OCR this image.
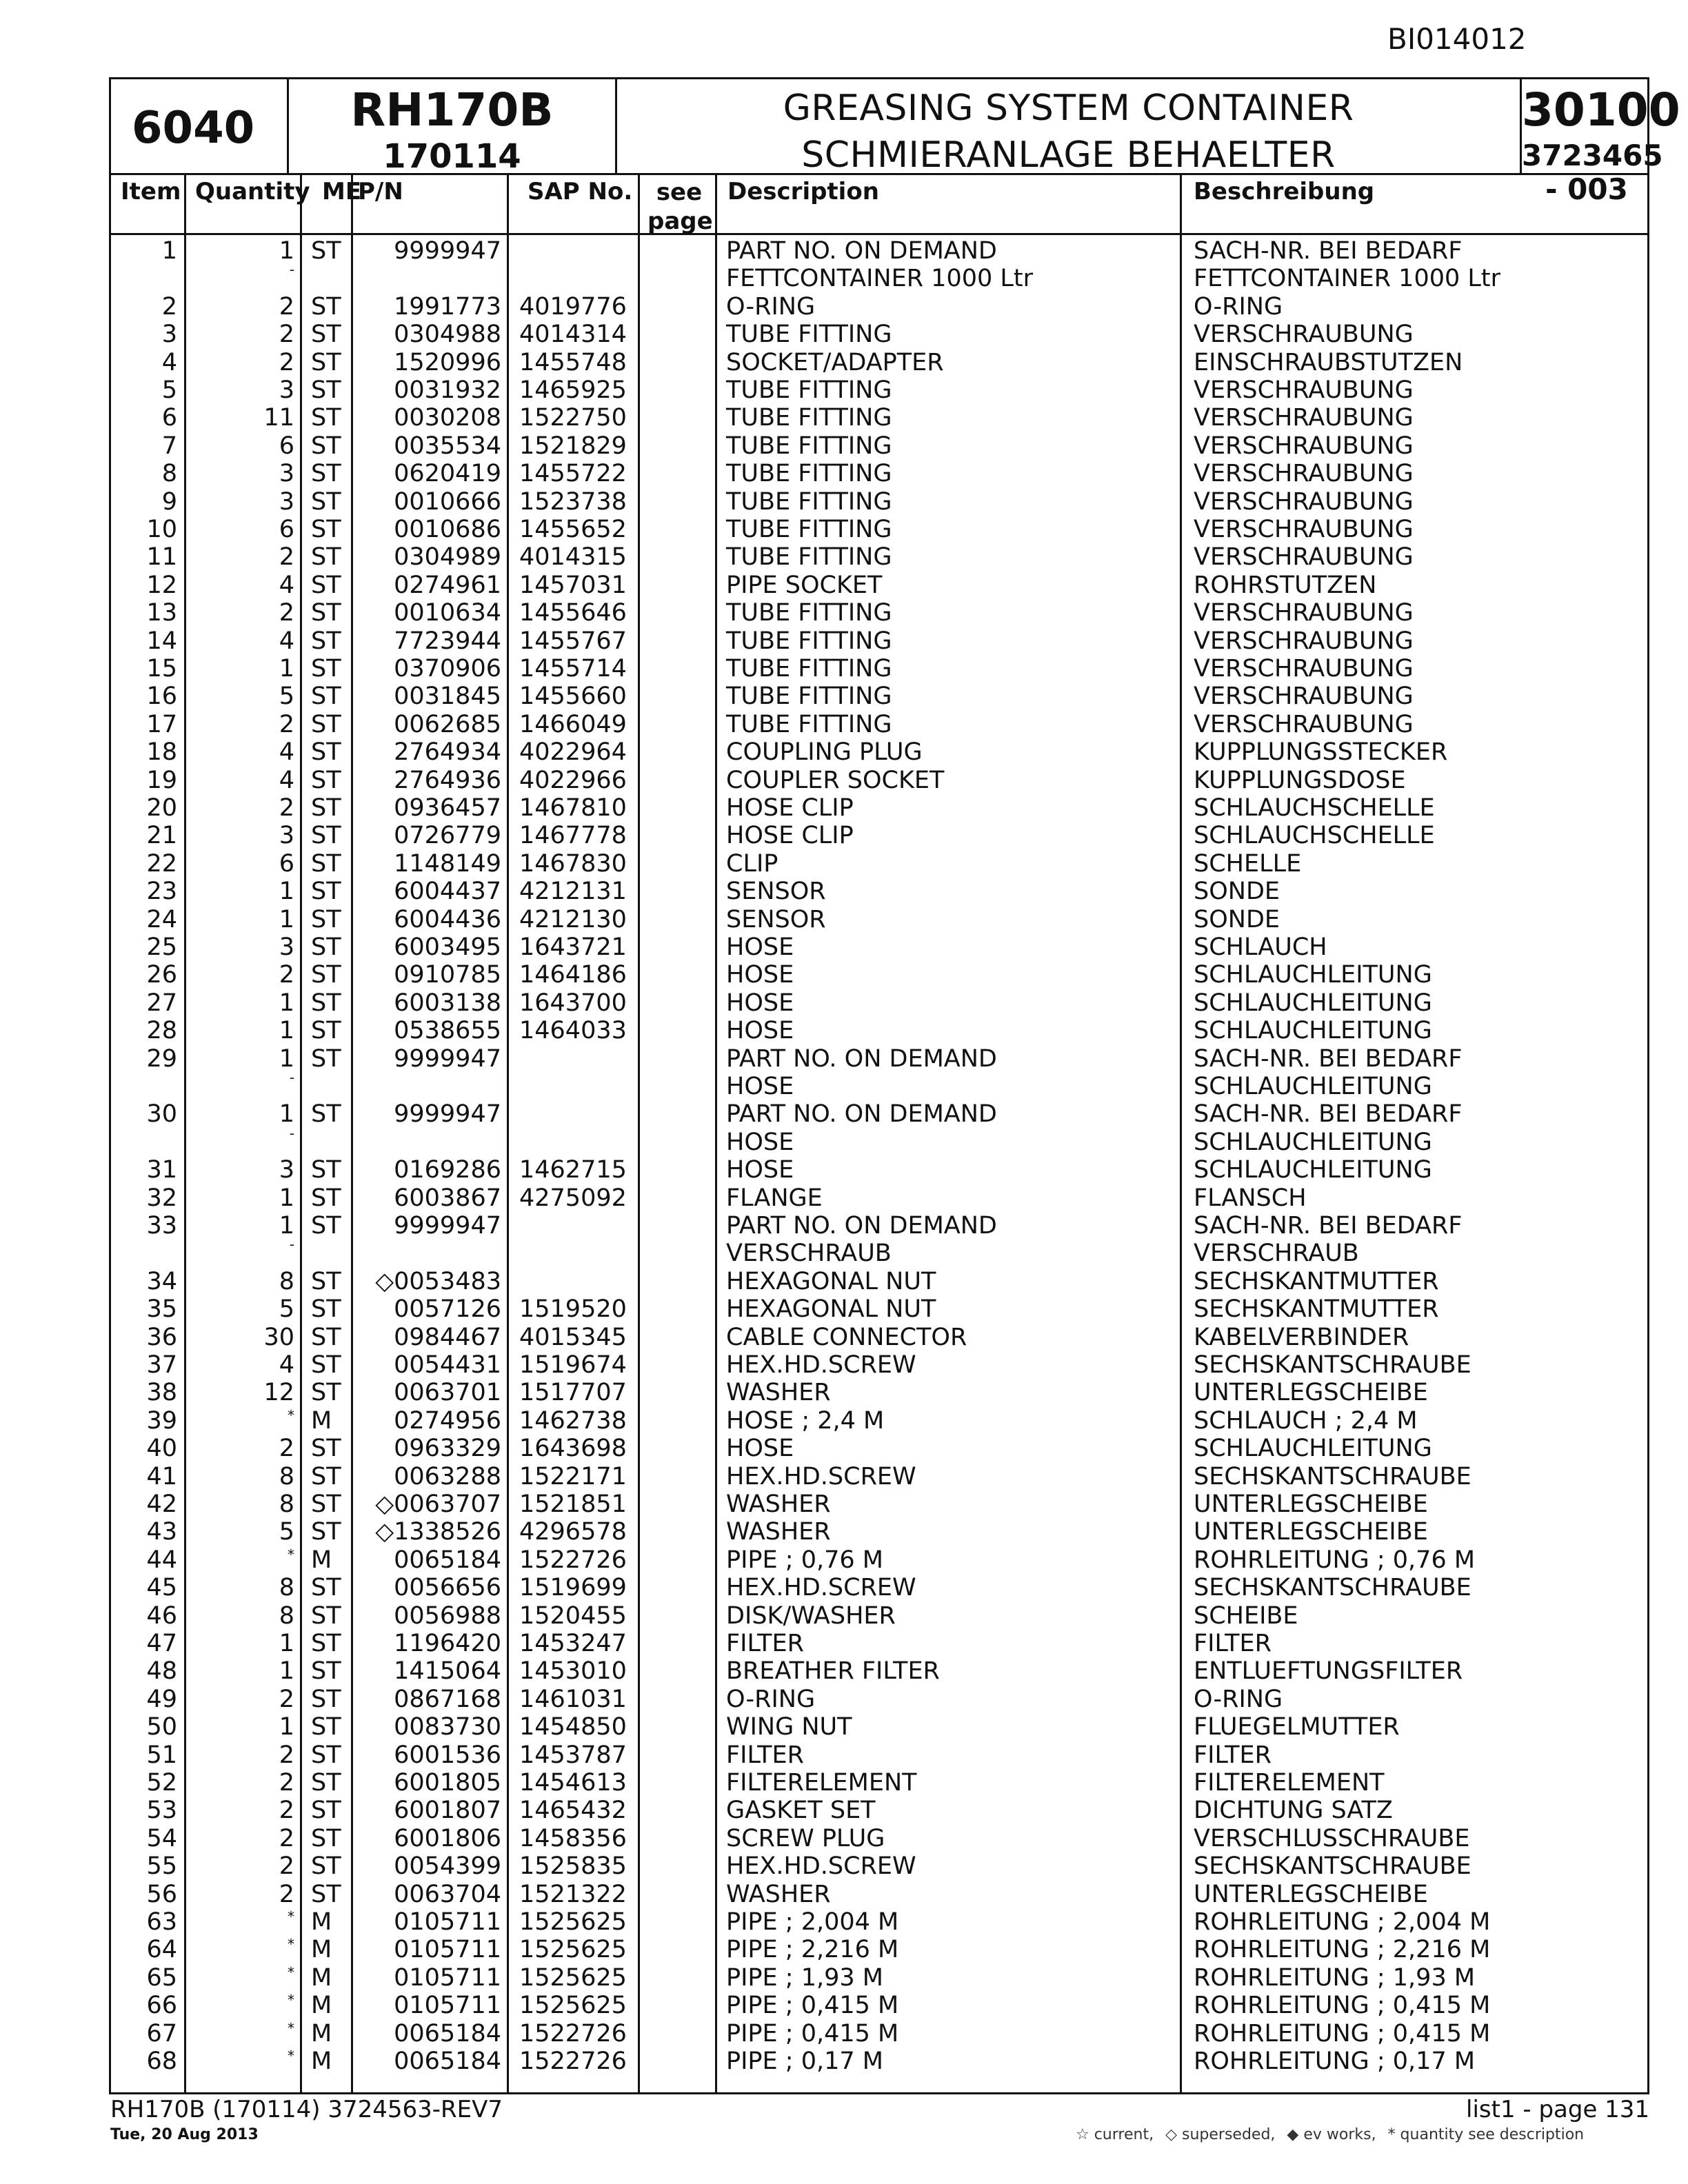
BI014012
6040	RH170B
170114
GREASING SYSTEM CONTAINER
SCHMIERANLAGE BEHAELTER
30100
3723465 - 003
Item Quantity ME
P/N	SAP No.	see page
Description	Beschreibung
1	1 ST	9999947	PART NO. ON DEMAND	SACH-NR. BEI BEDARF
-	FETTCONTAINER 1000 Ltr	FETTCONTAINER 1000 Ltr
2	2 ST	1991773 4019776	O-RING	O-RING
3	2 ST	0304988 4014314	TUBE FITTING	VERSCHRAUBUNG
4	2 ST	1520996 1455748	SOCKET/ADAPTER	EINSCHRAUBSTUTZEN
5	3 ST	0031932 1465925	TUBE FITTING	VERSCHRAUBUNG
6	11 ST	0030208 1522750	TUBE FITTING	VERSCHRAUBUNG
7	6 ST	0035534 1521829	TUBE FITTING	VERSCHRAUBUNG
8	3 ST	0620419 1455722	TUBE FITTING	VERSCHRAUBUNG
9	3 ST	0010666 1523738	TUBE FITTING	VERSCHRAUBUNG
10	6 ST	0010686 1455652	TUBE FITTING	VERSCHRAUBUNG
11	2 ST	0304989 4014315	TUBE FITTING	VERSCHRAUBUNG
12	4 ST	0274961 1457031	PIPE SOCKET	ROHRSTUTZEN
13	2 ST	0010634 1455646	TUBE FITTING	VERSCHRAUBUNG
14	4 ST	7723944 1455767	TUBE FITTING	VERSCHRAUBUNG
15	1 ST	0370906 1455714	TUBE FITTING	VERSCHRAUBUNG
16	5 ST	0031845 1455660	TUBE FITTING	VERSCHRAUBUNG
17	2 ST	0062685 1466049	TUBE FITTING	VERSCHRAUBUNG
18	4 ST	2764934 4022964	COUPLING PLUG	KUPPLUNGSSTECKER
19	4 ST	2764936 4022966	COUPLER SOCKET	KUPPLUNGSDOSE
20	2 ST	0936457 1467810	HOSE CLIP	SCHLAUCHSCHELLE
21	3 ST	0726779 1467778	HOSE CLIP	SCHLAUCHSCHELLE
22	6 ST	1148149 1467830	CLIP	SCHELLE
23	1 ST	6004437 4212131	SENSOR	SONDE
24	1 ST	6004436 4212130	SENSOR	SONDE
25	3 ST	6003495 1643721	HOSE	SCHLAUCH
26	2 ST	0910785 1464186	HOSE	SCHLAUCHLEITUNG
27	1 ST	6003138 1643700	HOSE	SCHLAUCHLEITUNG
28	1 ST	0538655 1464033	HOSE	SCHLAUCHLEITUNG
29	1 ST	9999947	PART NO. ON DEMAND	SACH-NR. BEI BEDARF
-	HOSE	SCHLAUCHLEITUNG
30	1 ST	9999947	PART NO. ON DEMAND	SACH-NR. BEI BEDARF
-	HOSE	SCHLAUCHLEITUNG
31	3 ST	0169286 1462715	HOSE	SCHLAUCHLEITUNG
32	1 ST	6003867 4275092	FLANGE	FLANSCH
33	1 ST	9999947	PART NO. ON DEMAND	SACH-NR. BEI BEDARF
-	VERSCHRAUB	VERSCHRAUB
34	8 ST	◇0053483	HEXAGONAL NUT	SECHSKANTMUTTER
35	5 ST	0057126 1519520	HEXAGONAL NUT	SECHSKANTMUTTER
36	30 ST	0984467 4015345	CABLE CONNECTOR	KABELVERBINDER
37	4 ST	0054431 1519674	HEX.HD.SCREW	SECHSKANTSCHRAUBE
38	12 ST	0063701 1517707	WASHER	UNTERLEGSCHEIBE
39	* M	0274956 1462738	HOSE ; 2,4 M	SCHLAUCH ; 2,4 M
40	2 ST	0963329 1643698	HOSE	SCHLAUCHLEITUNG
41	8 ST	0063288 1522171	HEX.HD.SCREW	SECHSKANTSCHRAUBE
42	8 ST	◇0063707 1521851	WASHER	UNTERLEGSCHEIBE
43	5 ST	◇1338526 4296578	WASHER	UNTERLEGSCHEIBE
44	* M	0065184 1522726	PIPE ; 0,76 M	ROHRLEITUNG ; 0,76 M
45	8 ST	0056656 1519699	HEX.HD.SCREW	SECHSKANTSCHRAUBE
46	8 ST	0056988 1520455	DISK/WASHER	SCHEIBE
47	1 ST	1196420 1453247	FILTER	FILTER
48	1 ST	1415064 1453010	BREATHER FILTER	ENTLUEFTUNGSFILTER
49	2 ST	0867168 1461031	O-RING	O-RING
50	1 ST	0083730 1454850	WING NUT	FLUEGELMUTTER
51	2 ST	6001536 1453787	FILTER	FILTER
52	2 ST	6001805 1454613	FILTERELEMENT	FILTERELEMENT
53	2 ST	6001807 1465432	GASKET SET	DICHTUNG SATZ
54	2 ST	6001806 1458356	SCREW PLUG	VERSCHLUSSCHRAUBE
55	2 ST	0054399 1525835	HEX.HD.SCREW	SECHSKANTSCHRAUBE
56	2 ST	0063704 1521322	WASHER	UNTERLEGSCHEIBE
63	* M	0105711 1525625	PIPE ; 2,004 M	ROHRLEITUNG ; 2,004 M
64	* M	0105711 1525625	PIPE ; 2,216 M	ROHRLEITUNG ; 2,216 M
65	* M	0105711 1525625	PIPE ; 1,93 M	ROHRLEITUNG ; 1,93 M
66	* M	0105711 1525625	PIPE ; 0,415 M	ROHRLEITUNG ; 0,415 M
67	* M	0065184 1522726	PIPE ; 0,415 M	ROHRLEITUNG ; 0,415 M
68	* M	0065184 1522726	PIPE ; 0,17 M	ROHRLEITUNG ; 0,17 M
RH170B (170114) 3724563-REV7
Tue, 20 Aug 2013
list1 - page 131
☆ current, ◇ superseded, ◆ ev works, * quantity see description
